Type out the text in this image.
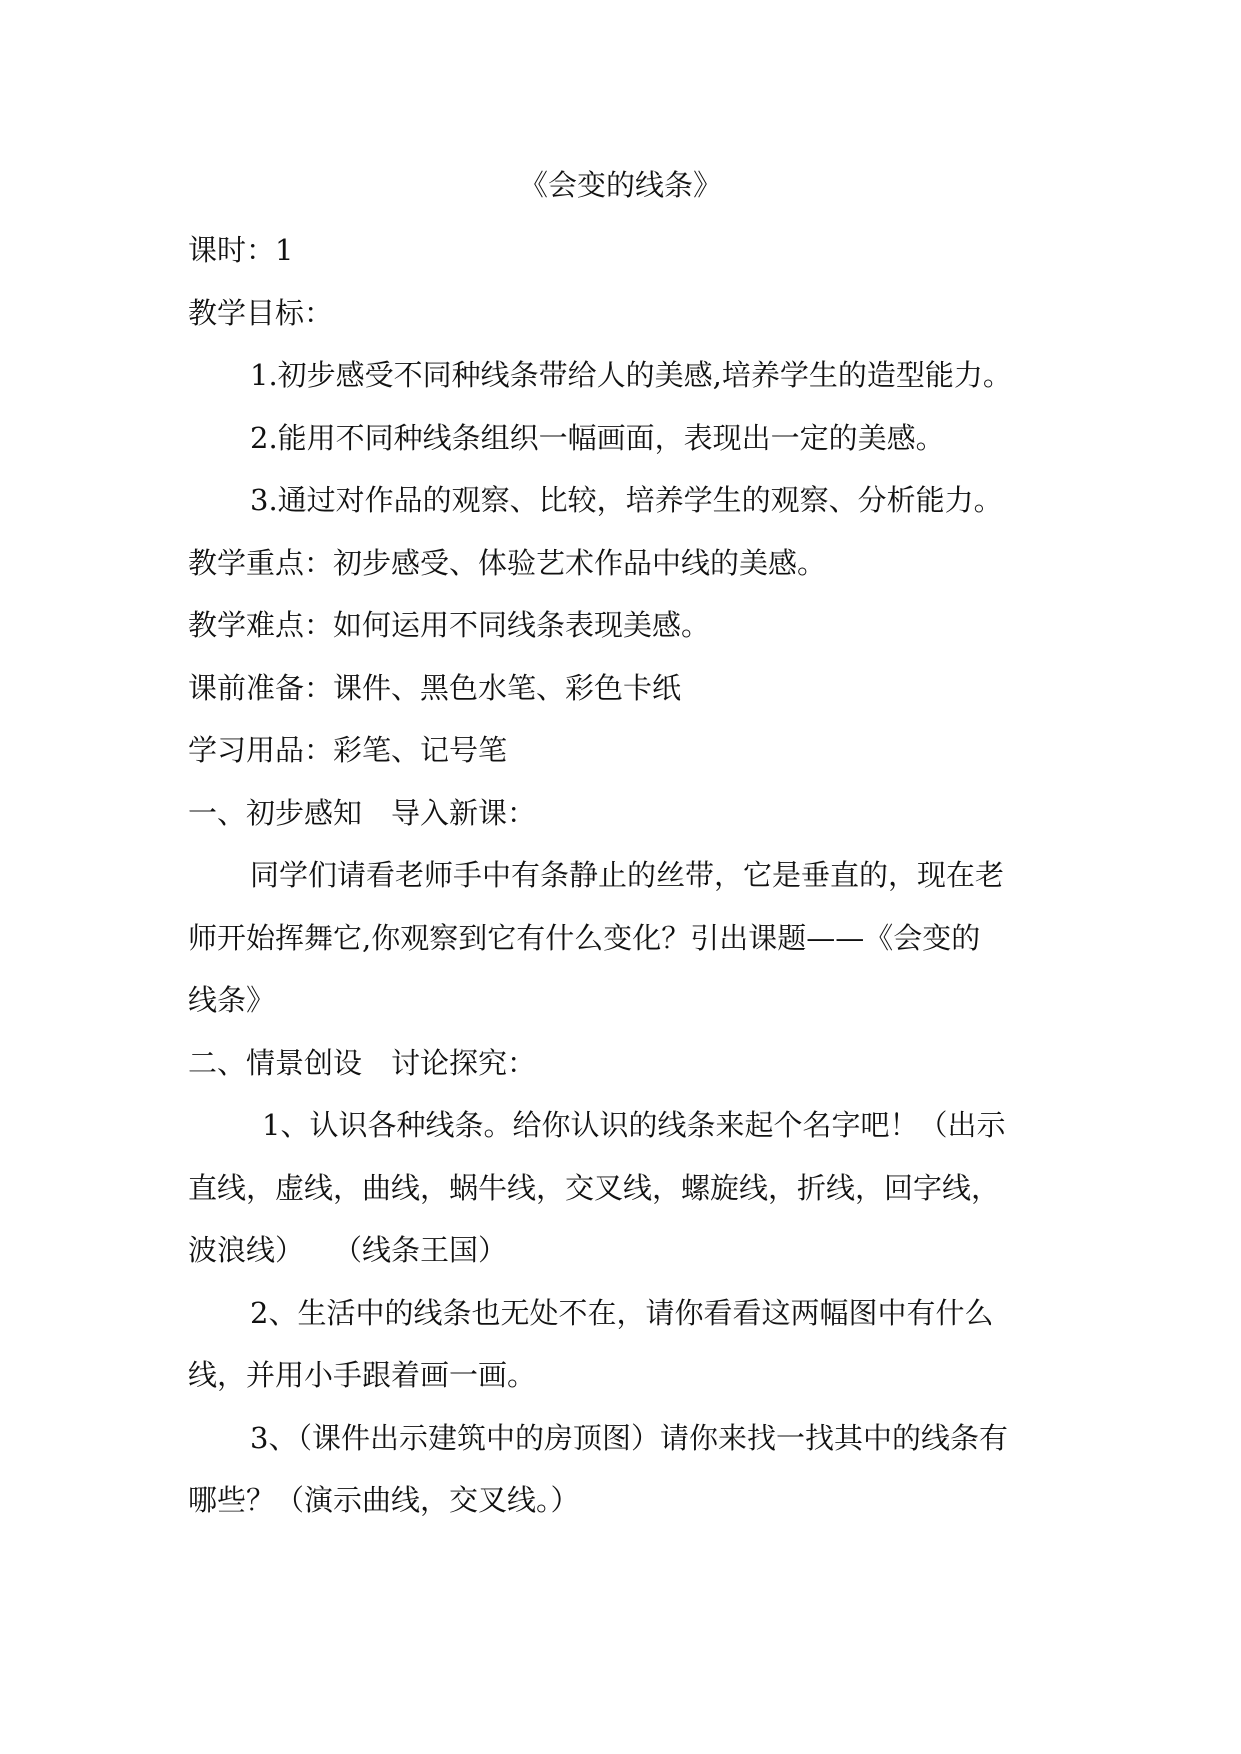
《会变的线条》
课时：1
教学目标：
1.初步感受不同种线条带给人的美感,培养学生的造型能力。
2.能用不同种线条组织一幅画面，表现出一定的美感。
3.通过对作品的观察、比较，培养学生的观察、分析能力。
教学重点：初步感受、体验艺术作品中线的美感。
教学难点：如何运用不同线条表现美感。
课前准备：课件、黑色水笔、彩色卡纸
学习用品：彩笔、记号笔
一、初步感知　导入新课：
同学们请看老师手中有条静止的丝带，它是垂直的，现在老
师开始挥舞它,你观察到它有什么变化？引出课题——《会变的
线条》
二、情景创设　讨论探究：
1、认识各种线条。给你认识的线条来起个名字吧！（出示
直线，虚线，曲线，蜗牛线，交叉线，螺旋线，折线，回字线，
波浪线）　　（线条王国）
2、生活中的线条也无处不在，请你看看这两幅图中有什么
线，并用小手跟着画一画。
3、（课件出示建筑中的房顶图）请你来找一找其中的线条有
哪些？（演示曲线，交叉线。）
